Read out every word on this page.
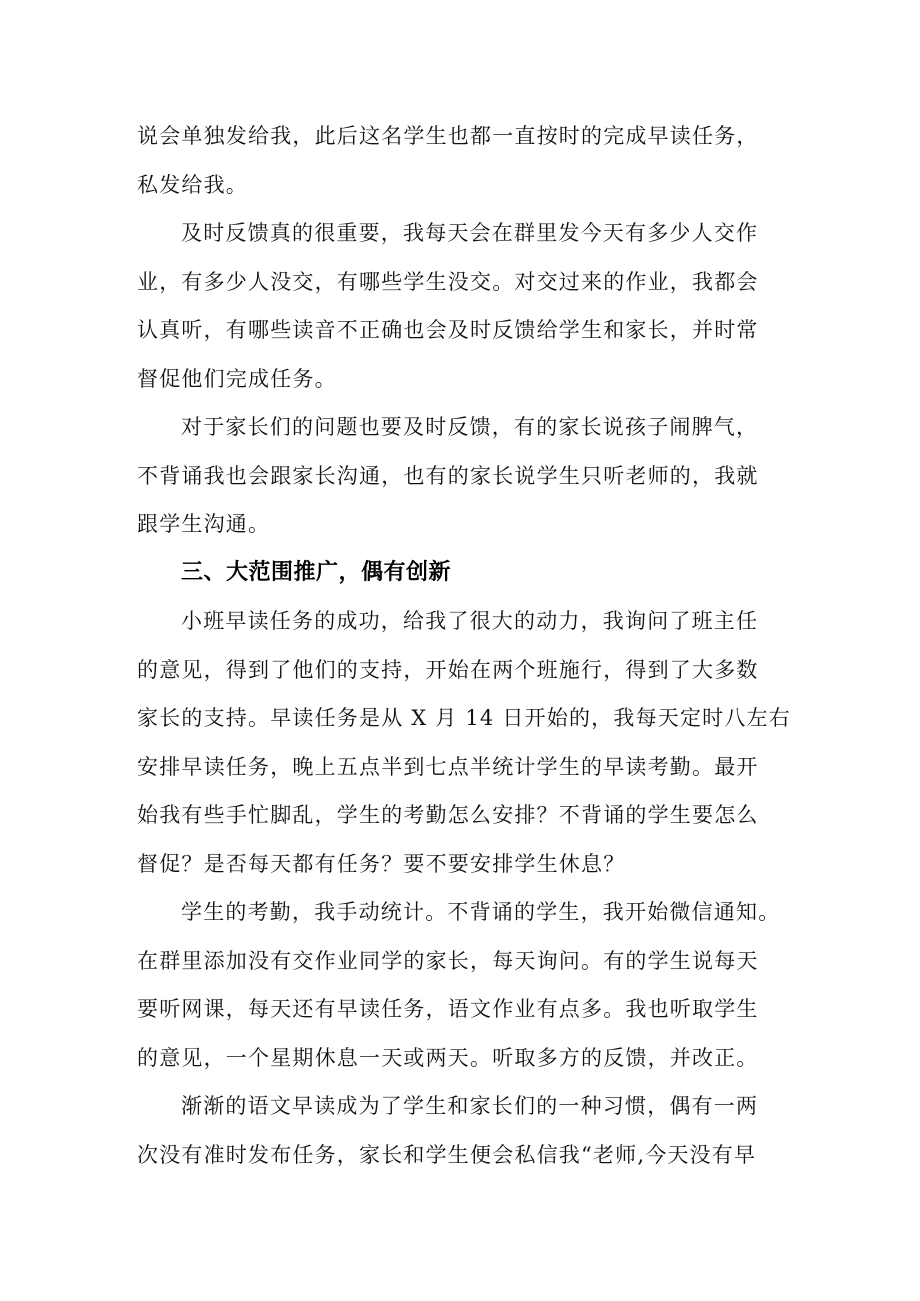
说会单独发给我，此后这名学生也都一直按时的完成早读任务，
私发给我。
及时反馈真的很重要，我每天会在群里发今天有多少人交作
业，有多少人没交，有哪些学生没交。对交过来的作业，我都会
认真听，有哪些读音不正确也会及时反馈给学生和家长，并时常
督促他们完成任务。
对于家长们的问题也要及时反馈，有的家长说孩子闹脾气，
不背诵我也会跟家长沟通，也有的家长说学生只听老师的，我就
跟学生沟通。
三、大范围推广，偶有创新
小班早读任务的成功，给我了很大的动力，我询问了班主任
的意见，得到了他们的支持，开始在两个班施行，得到了大多数
家长的支持。早读任务是从 X 月 14 日开始的，我每天定时八左右
安排早读任务，晚上五点半到七点半统计学生的早读考勤。最开
始我有些手忙脚乱，学生的考勤怎么安排？不背诵的学生要怎么
督促？是否每天都有任务？要不要安排学生休息？
学生的考勤，我手动统计。不背诵的学生，我开始微信通知。
在群里添加没有交作业同学的家长，每天询问。有的学生说每天
要听网课，每天还有早读任务，语文作业有点多。我也听取学生
的意见，一个星期休息一天或两天。听取多方的反馈，并改正。
渐渐的语文早读成为了学生和家长们的一种习惯，偶有一两
次没有准时发布任务，家长和学生便会私信我“老师,今天没有早
